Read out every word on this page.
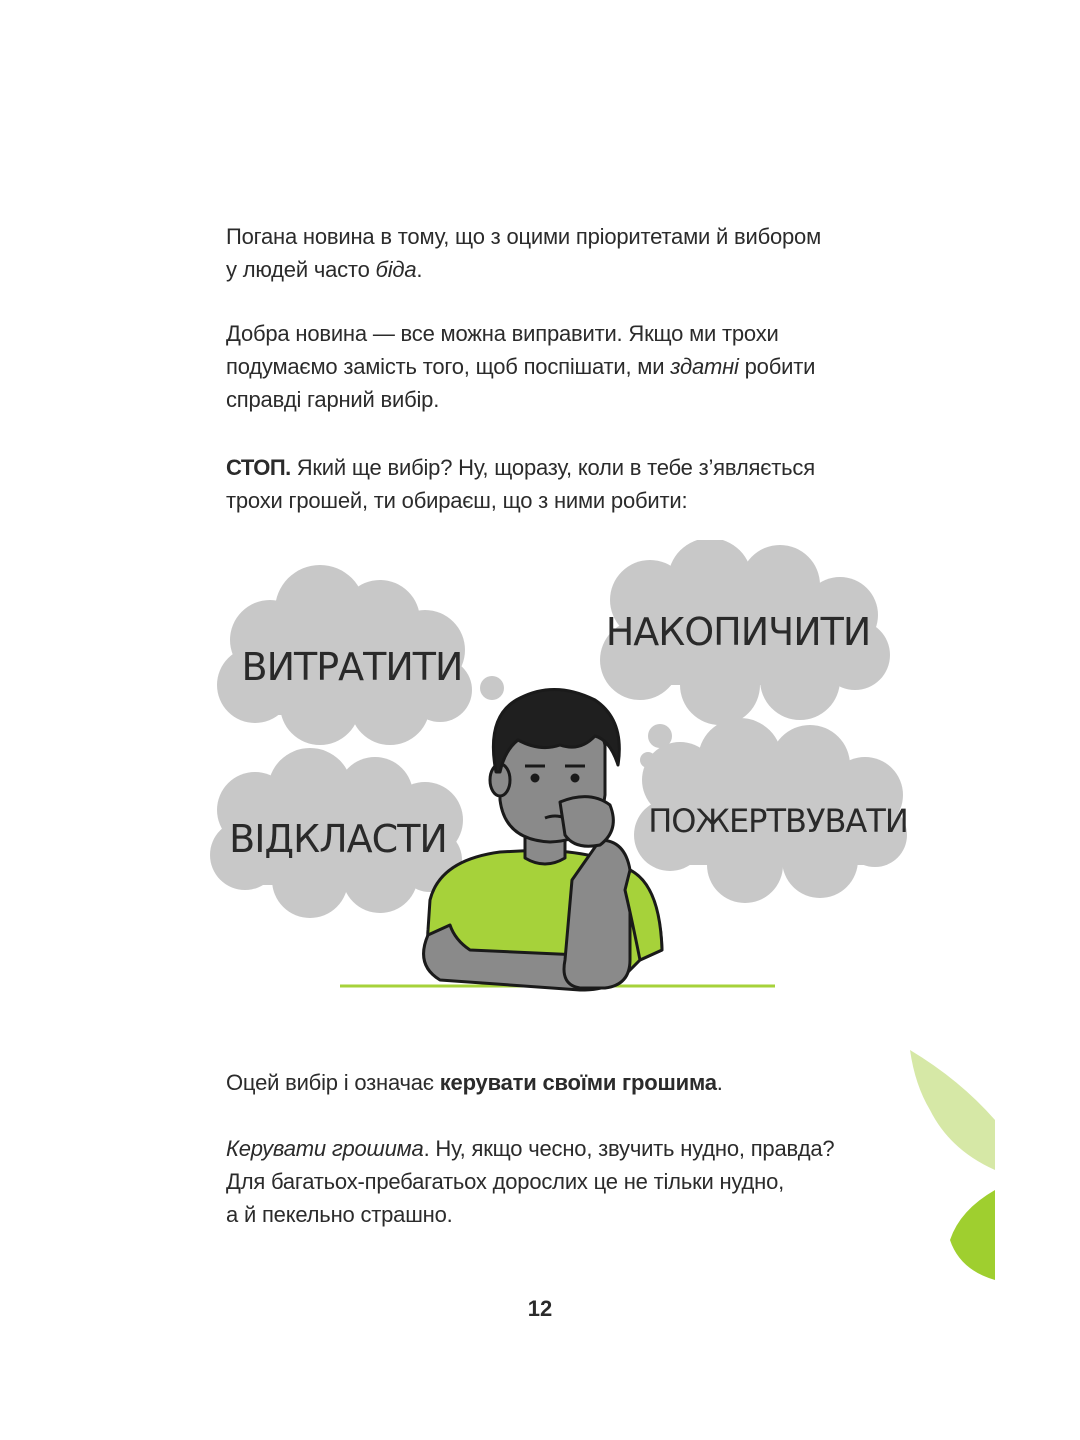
Погана новина в тому, що з оцими пріоритетами й вибором

у людей часто біда.

Добра новина — все можна виправити. Якщо ми трохи

подумаємо замість того, щоб поспішати, ми здатні робити

справді гарний вибір.

СТОП. Який ще вибір? Ну, щоразу, коли в тебе з’являється

трохи грошей, ти обираєш, що з ними робити:

ВИТРАТИТИ
НАКОПИЧИТИ
ВІДКЛАСТИ	ПОЖЕРТВУВАТИ

Оцей вибір і означає керувати своїми грошима.

Керувати грошима. Ну, якщо чесно, звучить нудно, правда?

Для багатьох-пребагатьох дорослих це не тільки нудно,

а й пекельно страшно.

12
